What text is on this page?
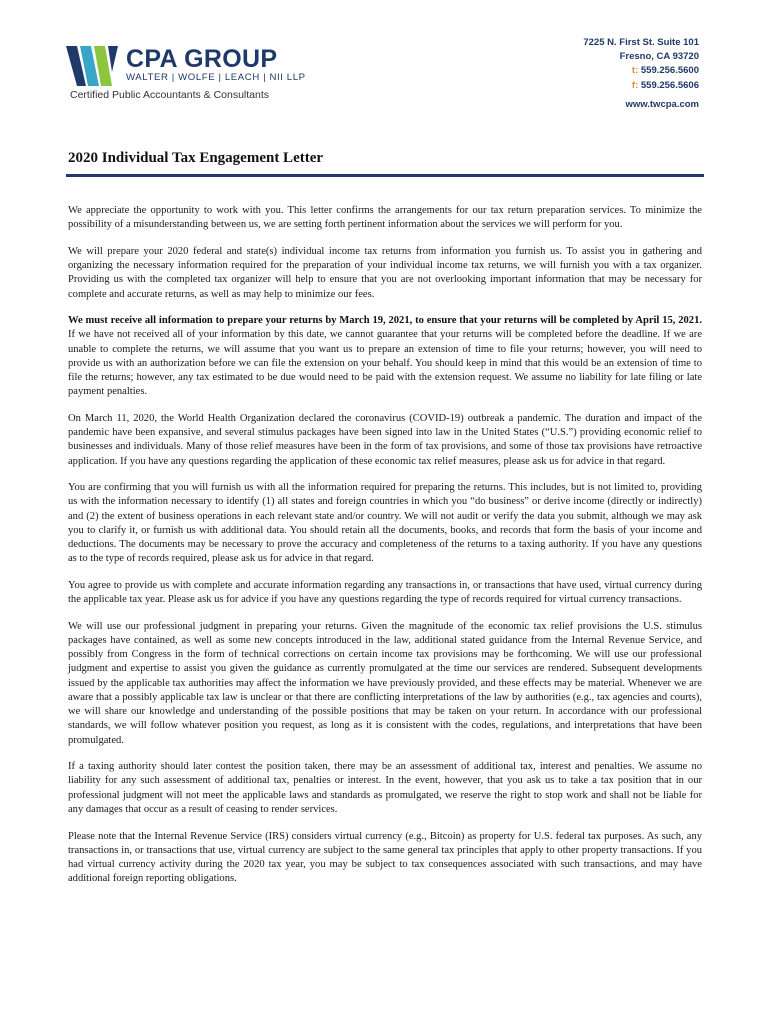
CPA GROUP
WALTER | WOLFE | LEACH | NII LLP
Certified Public Accountants & Consultants
7225 N. First St. Suite 101
Fresno, CA 93720
t: 559.256.5600
f: 559.256.5606
www.twcpa.com
2020 Individual Tax Engagement Letter

We appreciate the opportunity to work with you. This letter confirms the arrangements for our tax return preparation services. To minimize the possibility of a misunderstanding between us, we are setting forth pertinent information about the services we will perform for you.

We will prepare your 2020 federal and state(s) individual income tax returns from information you furnish us. To assist you in gathering and organizing the necessary information required for the preparation of your individual income tax returns, we will furnish you with a tax organizer. Providing us with the completed tax organizer will help to ensure that you are not overlooking important information that may be necessary for complete and accurate returns, as well as may help to minimize our fees.

We must receive all information to prepare your returns by March 19, 2021, to ensure that your returns will be completed by April 15, 2021. If we have not received all of your information by this date, we cannot guarantee that your returns will be completed before the deadline. If we are unable to complete the returns, we will assume that you want us to prepare an extension of time to file your returns; however, you will need to provide us with an authorization before we can file the extension on your behalf. You should keep in mind that this would be an extension of time to file the returns; however, any tax estimated to be due would need to be paid with the extension request. We assume no liability for late filing or late payment penalties.

On March 11, 2020, the World Health Organization declared the coronavirus (COVID-19) outbreak a pandemic. The duration and impact of the pandemic have been expansive, and several stimulus packages have been signed into law in the United States (“U.S.”) providing economic relief to businesses and individuals. Many of those relief measures have been in the form of tax provisions, and some of those tax provisions have retroactive application. If you have any questions regarding the application of these economic tax relief measures, please ask us for advice in that regard.

You are confirming that you will furnish us with all the information required for preparing the returns. This includes, but is not limited to, providing us with the information necessary to identify (1) all states and foreign countries in which you “do business” or derive income (directly or indirectly) and (2) the extent of business operations in each relevant state and/or country. We will not audit or verify the data you submit, although we may ask you to clarify it, or furnish us with additional data. You should retain all the documents, books, and records that form the basis of your income and deductions. The documents may be necessary to prove the accuracy and completeness of the returns to a taxing authority. If you have any questions as to the type of records required, please ask us for advice in that regard.

You agree to provide us with complete and accurate information regarding any transactions in, or transactions that have used, virtual currency during the applicable tax year. Please ask us for advice if you have any questions regarding the type of records required for virtual currency transactions.

We will use our professional judgment in preparing your returns. Given the magnitude of the economic tax relief provisions the U.S. stimulus packages have contained, as well as some new concepts introduced in the law, additional stated guidance from the Internal Revenue Service, and possibly from Congress in the form of technical corrections on certain income tax provisions may be forthcoming. We will use our professional judgment and expertise to assist you given the guidance as currently promulgated at the time our services are rendered. Subsequent developments issued by the applicable tax authorities may affect the information we have previously provided, and these effects may be material. Whenever we are aware that a possibly applicable tax law is unclear or that there are conflicting interpretations of the law by authorities (e.g., tax agencies and courts), we will share our knowledge and understanding of the possible positions that may be taken on your return. In accordance with our professional standards, we will follow whatever position you request, as long as it is consistent with the codes, regulations, and interpretations that have been promulgated.

If a taxing authority should later contest the position taken, there may be an assessment of additional tax, interest and penalties. We assume no liability for any such assessment of additional tax, penalties or interest. In the event, however, that you ask us to take a tax position that in our professional judgment will not meet the applicable laws and standards as promulgated, we reserve the right to stop work and shall not be liable for any damages that occur as a result of ceasing to render services.

Please note that the Internal Revenue Service (IRS) considers virtual currency (e.g., Bitcoin) as property for U.S. federal tax purposes. As such, any transactions in, or transactions that use, virtual currency are subject to the same general tax principles that apply to other property transactions. If you had virtual currency activity during the 2020 tax year, you may be subject to tax consequences associated with such transactions, and may have additional foreign reporting obligations.
